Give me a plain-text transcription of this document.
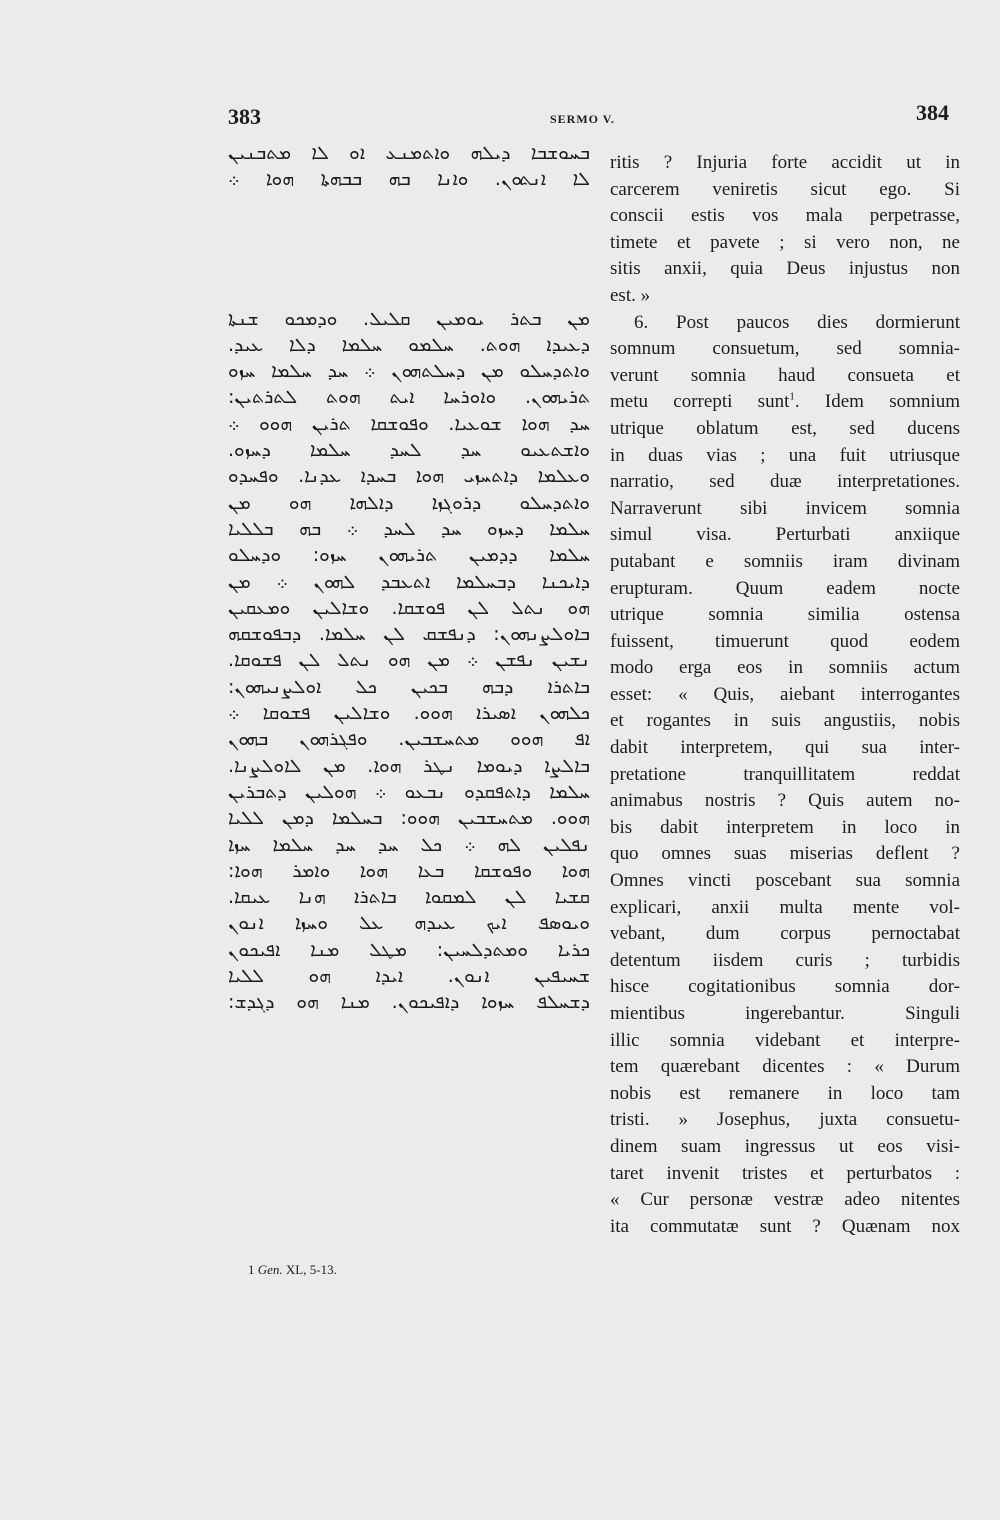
383	SERMO V.	384
ܒܚܘܫܒܐ ܕܝܠܗ ܘܐܬܡܢܥ ܐܘ ܠܐ ܡܬܒܢܝܢ
ܠܐ ܐܢܬܘܢ. ܘܐܢܐ ܒܗ ܒܒܗܬܐ ܗܘܐ ܀
ܡܢ ܒܬܪ ܝܘܡܝܢ ܩܠܝܠ. ܘܕܡܟܘ ܫܢܬܐ
ܕܥܝܕܐ ܗܘܬ. ܚܠܡܘ ܚܠܡܐ ܕܠܐ ܥܝܕ.
ܘܐܬܕܚܠܘ ܡܢ ܕܚܠܬܗܘܢ ܀ ܚܕ ܚܠܡܐ ܚܙܘ
ܬܪܝܗܘܢ. ܘܐܘܪܚܐ ܐܝܬ ܗܘܬ ܠܬܪܬܝܢ:
ܚܕ ܗܘܐ ܫܘܥܝܐ. ܘܦܘܫܩܐ ܬܪܝܢ ܗܘܘ ܀
ܘܐܫܬܥܝܘ ܚܕ ܠܚܕ ܚܠܡܐ ܕܚܙܘ.
ܘܥܠܡܐ ܕܐܬܚܙܝ ܗܘܐ ܒܚܕܐ ܥܕܢܐ. ܘܦܚܕܘ
ܘܐܬܕܚܠܘ ܕܪܘܓܙܐ ܕܐܠܗܐ ܗܘ ܡܢ
ܚܠܡܐ ܕܚܙܘ ܚܕ ܠܚܕ ܀ ܒܗ ܒܠܠܝܐ
ܚܠܡܐ ܕܕܡܝܢ ܬܪܝܗܘܢ ܚܙܘ: ܘܕܚܠܘ
ܕܐܝܟܢܐ ܕܒܚܠܡܐ ܐܬܥܒܕ ܠܗܘܢ ܀ ܡܢ
ܗܘ ܢܬܠ ܠܢ ܦܘܫܩܐ. ܘܫܐܠܝܢ ܘܡܥܩܝܢ
ܒܐܘܠܨܢܗܘܢ: ܕܢܦܫܩ ܠܢ ܚܠܡܐ. ܕܒܦܘܫܩܗ
ܢܫܝܢ ܢܦܫܢ ܀ ܡܢ ܗܘ ܢܬܠ ܠܢ ܦܫܘܩܐ.
ܒܐܬܪܐ ܕܒܗ ܒܟܝܢ ܟܠ ܐܘܠܨܢܝܗܘܢ:
ܟܠܗܘܢ ܐܣܝܪܐ ܗܘܘ. ܘܫܐܠܝܢ ܦܫܘܩܐ ܀
ܐܦ ܗܘܘ ܡܬܚܫܒܝܢ. ܘܦܓܪܗܘܢ ܒܗܘܢ
ܒܐܠܨܐ ܕܝܘܡܐ ܢܛܪ ܗܘܐ. ܡܢ ܠܐܘܠܨܢܐ.
ܚܠܡܐ ܕܐܬܦܩܕܘ ܢܒܥܘ ܀ ܗܘܠܝܢ ܕܬܒܪܝܢ
ܗܘܘ. ܡܬܚܫܒܝܢ ܗܘܘ: ܒܚܠܡܐ ܕܡܢ ܠܠܝܐ
ܢܦܠܝܢ ܠܗ ܀ ܟܠ ܚܕ ܚܕ ܚܠܡܐ ܚܙܐ
ܗܘܐ ܘܦܘܫܩܐ ܒܥܐ ܗܘܐ ܘܐܡܪ ܗܘܐ:
ܩܫܝܐ ܠܢ ܠܡܩܘܐ ܒܐܬܪܐ ܗܢܐ ܥܝܩܐ.
ܘܝܘܣܦ ܐܝܟ ܥܝܕܗ ܥܠ ܘܚܙܐ ܐܢܘܢ
ܟܪܝܐ ܘܡܬܕܠܚܝܢ: ܡܛܠ ܡܢܐ ܐܦܝܟܘܢ
ܫܚܝܦܝܢ ܐܢܘܢ. ܐܝܕܐ ܗܘ ܠܠܝܐ
ܕܫܚܠܦ ܚܙܘܐ ܕܐܦܝܟܘܢ. ܡܢܐ ܗܘ ܕܓܕܫ:
1 Gen. XL, 5-13.
ritis ? Injuria forte accidit ut in
carcerem veniretis sicut ego. Si
conscii estis vos mala perpetrasse,
timete et pavete ; si vero non, ne
sitis anxii, quia Deus injustus non
est. »
6. Post paucos dies dormierunt
somnum consuetum, sed somnia-
verunt somnia haud consueta et
metu correpti sunt$^1$. Idem somnium
utrique oblatum est, sed ducens
in duas vias ; una fuit utriusque
narratio, sed duæ interpretationes.
Narraverunt sibi invicem somnia
simul visa. Perturbati anxiique
putabant e somniis iram divinam
erupturam. Quum eadem nocte
utrique somnia similia ostensa
fuissent, timuerunt quod eodem
modo erga eos in somniis actum
esset: « Quis, aiebant interrogantes
et rogantes in suis angustiis, nobis
dabit interpretem, qui sua inter-
pretatione tranquillitatem reddat
animabus nostris ? Quis autem no-
bis dabit interpretem in loco in
quo omnes suas miserias deflent ?
Omnes vincti poscebant sua somnia
explicari, anxii multa mente vol-
vebant, dum corpus pernoctabat
detentum iisdem curis ; turbidis
hisce cogitationibus somnia dor-
mientibus ingerebantur. Singuli
illic somnia videbant et interpre-
tem quærebant dicentes : « Durum
nobis est remanere in loco tam
tristi. » Josephus, juxta consuetu-
dinem suam ingressus ut eos visi-
taret invenit tristes et perturbatos :
« Cur personæ vestræ adeo nitentes
ita commutatæ sunt ? Quænam nox
